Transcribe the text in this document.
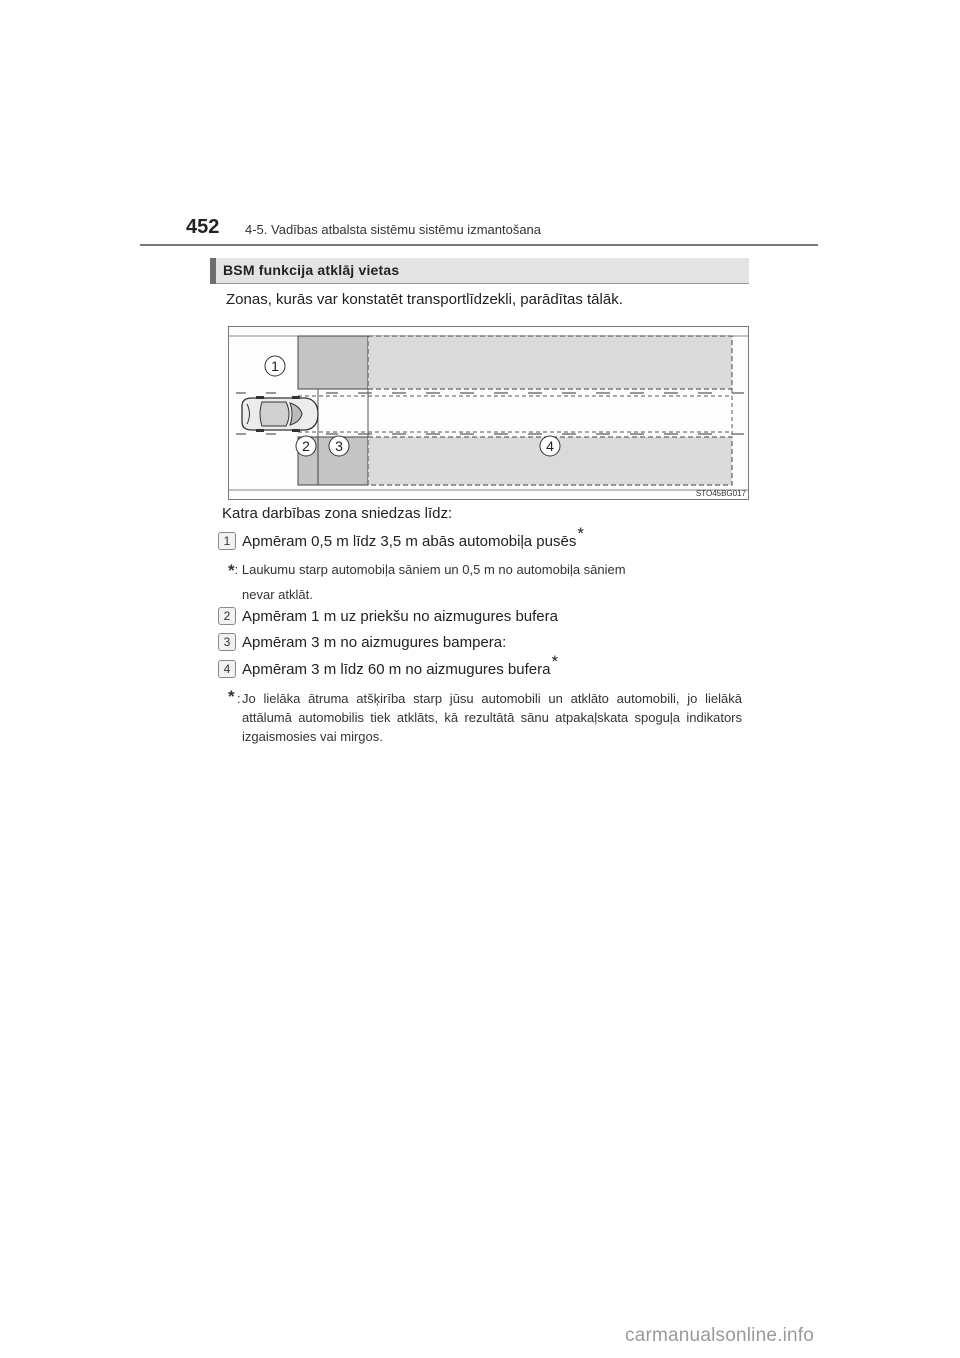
452 4-5. Vadības atbalsta sistēmu sistēmu izmantošana
BSM funkcija atklāj vietas
Zonas, kurās var konstatēt transportlīdzekli, parādītas tālāk.
1
2 3	4
STO45BG017
Katra darbības zona sniedzas līdz:
1 Apmēram 0,5 m līdz 3,5 m abās automobiļa pusēs*
*: Laukumu starp automobiļa sāniem un 0,5 m no automobiļa sāniem
nevar atklāt.
2 Apmēram 1 m uz priekšu no aizmugures bufera
3 Apmēram 3 m no aizmugures bampera:
4 Apmēram 3 m līdz 60 m no aizmugures bufera*
* : Jo lielāka ātruma atšķirība starp jūsu automobili un atklāto automobili, jo lielākā attālumā automobilis tiek atklāts, kā rezultātā sānu atpakaļskata spoguļa indikators izgaismosies vai mirgos.
carmanualsonline.info
